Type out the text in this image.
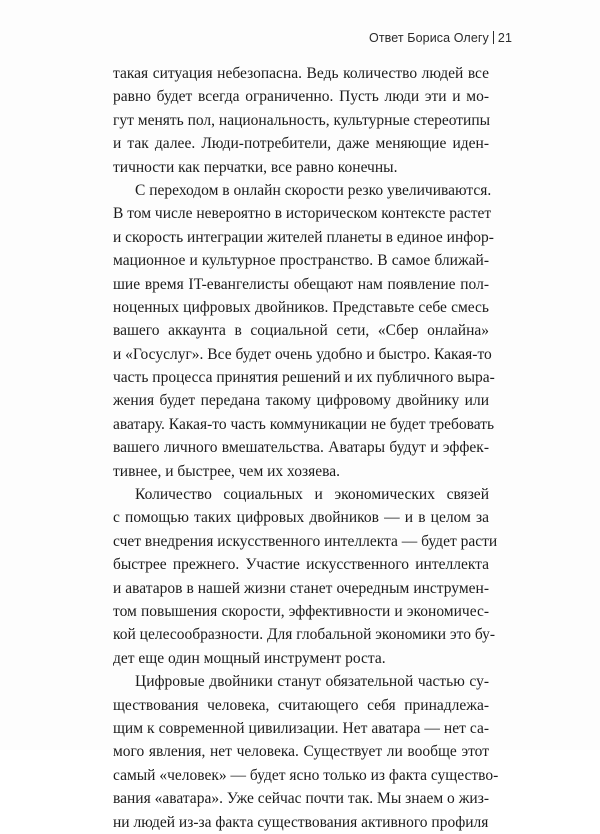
Ответ Бориса Олегу 21
такая ситуация небезопасна. Ведь количество людей все
равно будет всегда ограниченно. Пусть люди эти и мо-
гут менять пол, национальность, культурные стереотипы
и так далее. Люди-потребители, даже меняющие иден-
тичности как перчатки, все равно конечны.
С переходом в онлайн скорости резко увеличиваются.
В том числе невероятно в историческом контексте растет
и скорость интеграции жителей планеты в единое инфор-
мационное и культурное пространство. В самое ближай-
шие время IT-евангелисты обещают нам появление пол-
ноценных цифровых двойников. Представьте себе смесь
вашего аккаунта в социальной сети, «Сбер онлайна»
и «Госуслуг». Все будет очень удобно и быстро. Какая-то
часть процесса принятия решений и их публичного выра-
жения будет передана такому цифровому двойнику или
аватару. Какая-то часть коммуникации не будет требовать
вашего личного вмешательства. Аватары будут и эффек-
тивнее, и быстрее, чем их хозяева.
Количество социальных и экономических связей
с помощью таких цифровых двойников — и в целом за
счет внедрения искусственного интеллекта — будет расти
быстрее прежнего. Участие искусственного интеллекта
и аватаров в нашей жизни станет очередным инструмен-
том повышения скорости, эффективности и экономичес-
кой целесообразности. Для глобальной экономики это бу-
дет еще один мощный инструмент роста.
Цифровые двойники станут обязательной частью су-
ществования человека, считающего себя принадлежа-
щим к современной цивилизации. Нет аватара — нет са-
мого явления, нет человека. Существует ли вообще этот
самый «человек» — будет ясно только из факта существо-
вания «аватара». Уже сейчас почти так. Мы знаем о жиз-
ни людей из-за факта существования активного профиля
